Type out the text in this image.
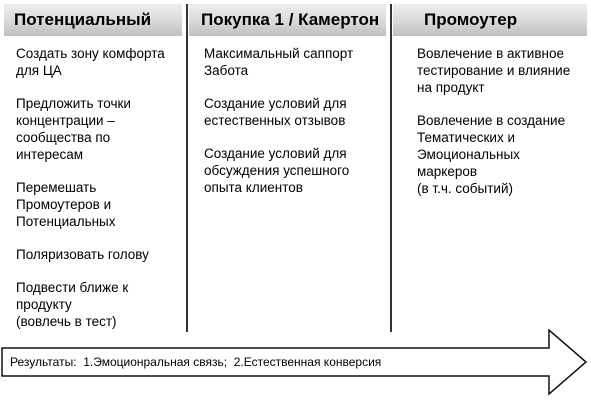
Потенциальный	Покупка 1 / Камертон	Промоутер
Создать зону комфорта
для ЦА
Предложить точки
концентрации –
сообщества по
интересам
Перемешать
Промоутеров и
Потенциальных
Поляризовать голову
Подвести ближе к
продукту
(вовлечь в тест)
Максимальный саппорт
Забота
Создание условий для
естественных отзывов
Создание условий для
обсуждения успешного
опыта клиентов
Вовлечение в активное
тестирование и влияние
на продукт
Вовлечение в создание
Тематических и
Эмоциональных
маркеров
(в т.ч. событий)
Результаты:  1.Эмоционральная связь;  2.Естественная конверсия
